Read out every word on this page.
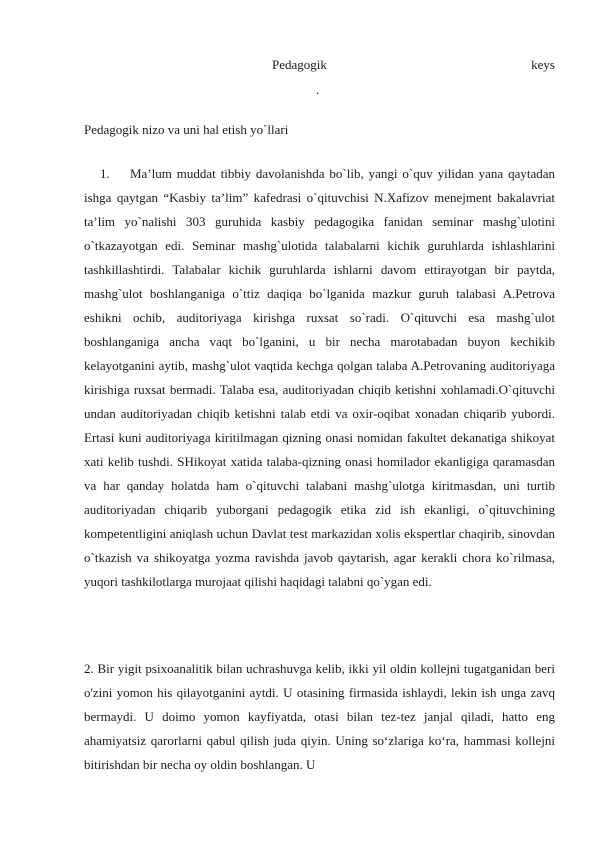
Pedagogik	keys
.
Pedagogik nizo va uni hal etish yo`llari
1. Ma’lum muddat tibbiy davolanishda bo`lib, yangi o`quv yilidan yana qaytadan ishga qaytgan “Kasbiy ta’lim” kafedrasi o`qituvchisi N.Xafizov menejment bakalavriat ta’lim yo`nalishi 303 guruhida kasbiy pedagogika fanidan seminar mashg`ulotini o`tkazayotgan edi. Seminar mashg`ulotida talabalarni kichik guruhlarda ishlashlarini tashkillashtirdi. Talabalar kichik guruhlarda ishlarni davom ettirayotgan bir paytda, mashg`ulot boshlanganiga o`ttiz daqiqa bo`lganida mazkur guruh talabasi A.Petrova eshikni ochib, auditoriyaga kirishga ruxsat so`radi. O`qituvchi esa mashg`ulot boshlanganiga ancha vaqt bo`lganini, u bir necha marotabadan buyon kechikib kelayotganini aytib, mashg`ulot vaqtida kechga qolgan talaba A.Petrovaning auditoriyaga kirishiga ruxsat bermadi. Talaba esa, auditoriyadan chiqib ketishni xohlamadi.O`qituvchi undan auditoriyadan chiqib ketishni talab etdi va oxir-oqibat xonadan chiqarib yubordi. Ertasi kuni auditoriyaga kiritilmagan qizning onasi nomidan fakultet dekanatiga shikoyat xati kelib tushdi. SHikoyat xatida talaba-qizning onasi homilador ekanligiga qaramasdan va har qanday holatda ham o`qituvchi talabani mashg`ulotga kiritmasdan, uni turtib auditoriyadan chiqarib yuborgani pedagogik etika zid ish ekanligi, o`qituvchining kompetentligini aniqlash uchun Davlat test markazidan xolis ekspertlar chaqirib, sinovdan o`tkazish va shikoyatga yozma ravishda javob qaytarish, agar kerakli chora ko`rilmasa, yuqori tashkilotlarga murojaat qilishi haqidagi talabni qo`ygan edi.
2. Bir yigit psixoanalitik bilan uchrashuvga kelib, ikki yil oldin kollejni tugatganidan beri o'zini yomon his qilayotganini aytdi. U otasining firmasida ishlaydi, lekin ish unga zavq bermaydi. U doimo yomon kayfiyatda, otasi bilan tez-tez janjal qiladi, hatto eng ahamiyatsiz qarorlarni qabul qilish juda qiyin. Uning so‘zlariga ko‘ra, hammasi kollejni bitirishdan bir necha oy oldin boshlangan. U
